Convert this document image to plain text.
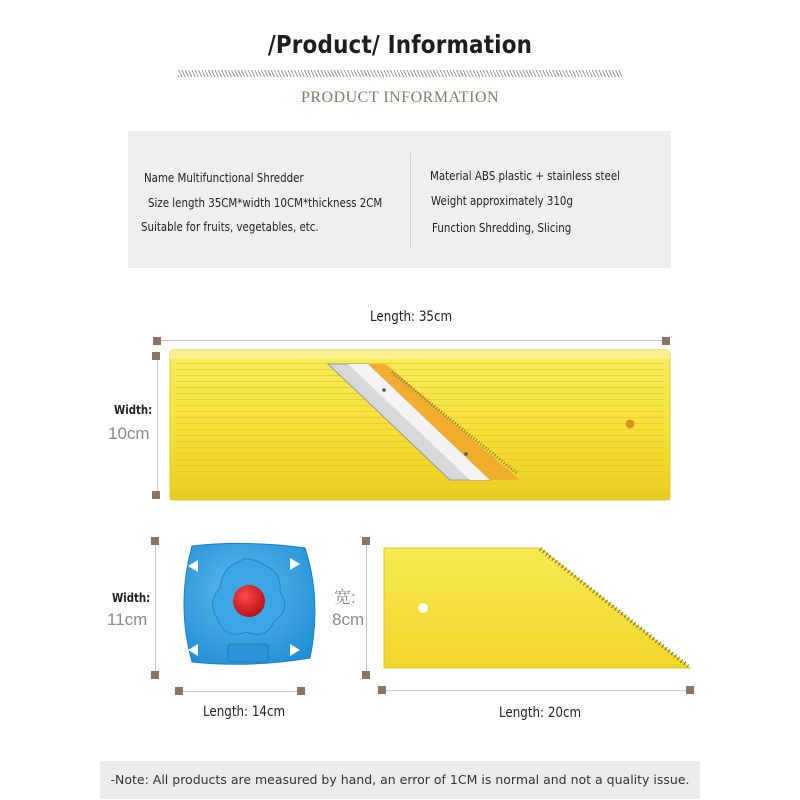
/Product/ Information
PRODUCT INFORMATION
Name Multifunctional Shredder
Size length 35CM*width 10CM*thickness 2CM
Suitable for fruits, vegetables, etc.
Material ABS plastic + stainless steel
Weight approximately 310g
Function Shredding, Slicing
Length: 35cm
Width:
10cm
Width:
11cm
Length: 14cm
宽:
8cm
Length: 20cm
-Note: All products are measured by hand, an error of 1CM is normal and not a quality issue.
